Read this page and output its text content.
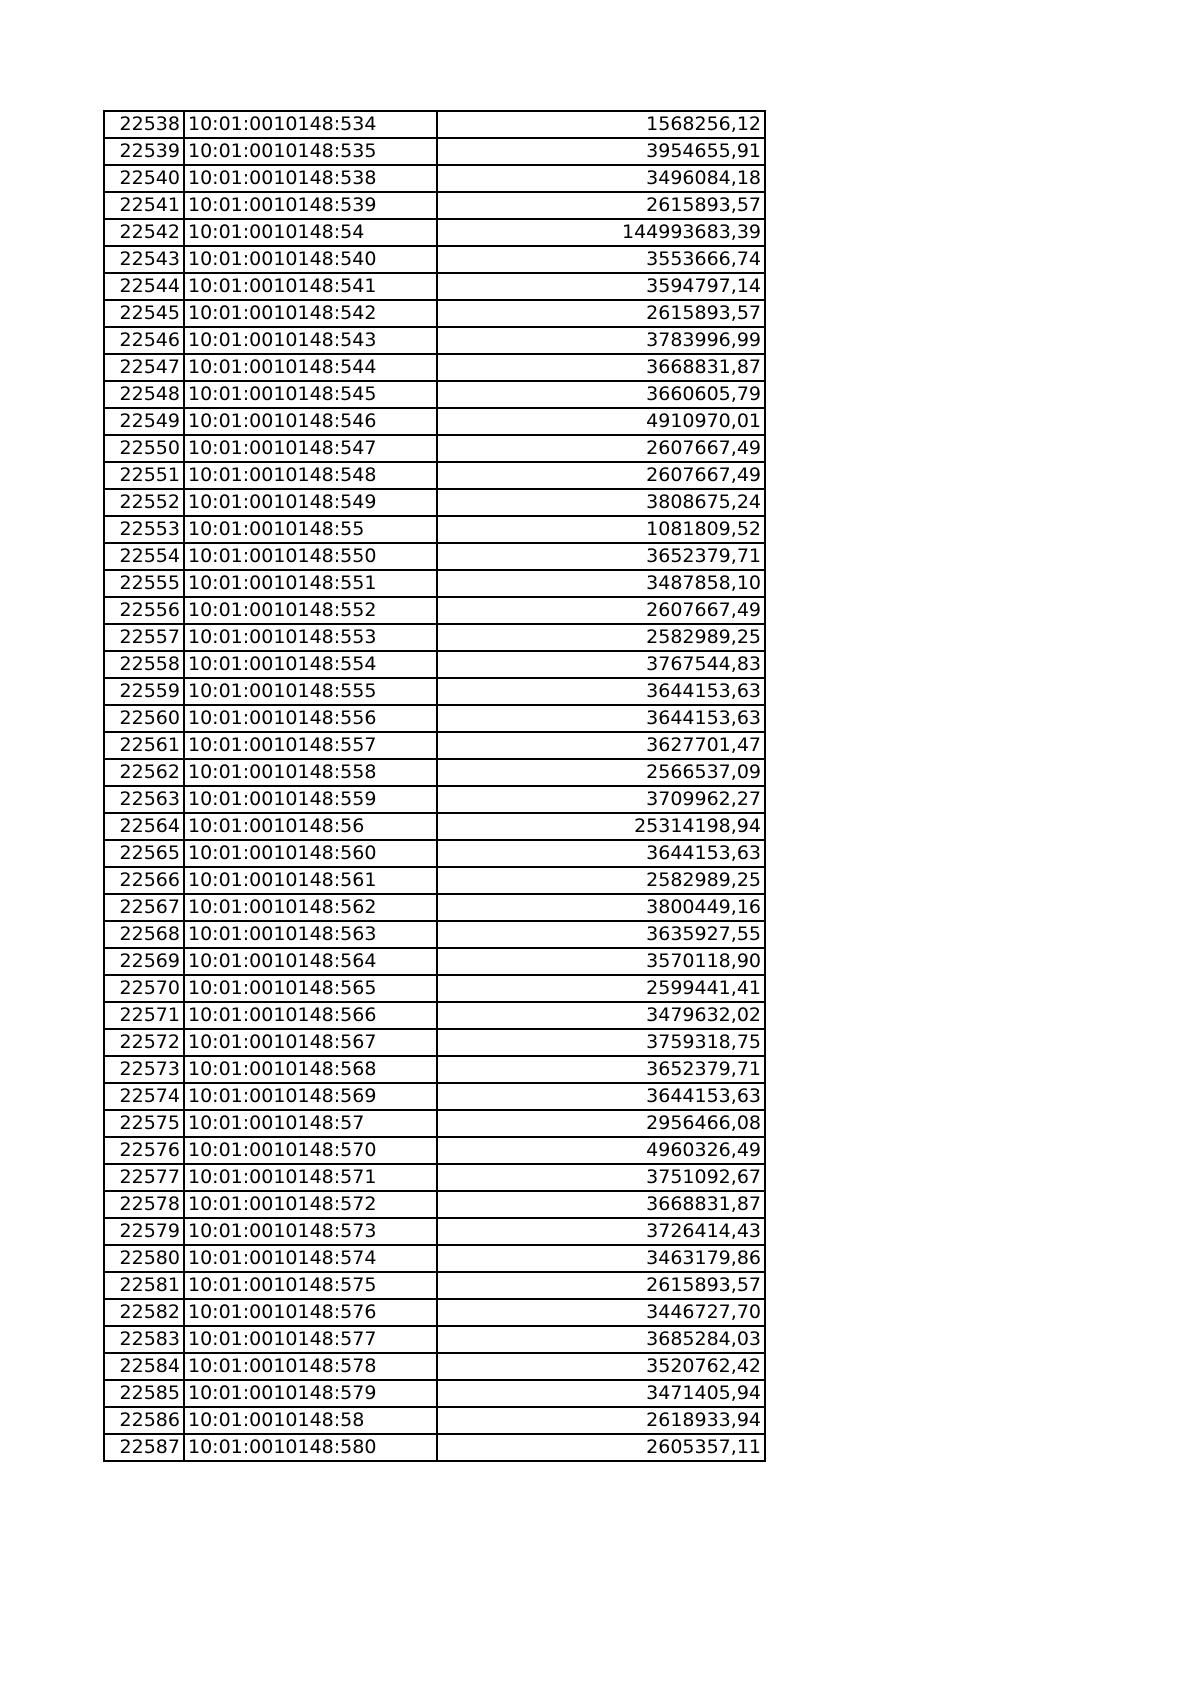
22538	10:01:0010148:534	1568256,12
22539	10:01:0010148:535	3954655,91
22540	10:01:0010148:538	3496084,18
22541	10:01:0010148:539	2615893,57
22542	10:01:0010148:54	144993683,39
22543	10:01:0010148:540	3553666,74
22544	10:01:0010148:541	3594797,14
22545	10:01:0010148:542	2615893,57
22546	10:01:0010148:543	3783996,99
22547	10:01:0010148:544	3668831,87
22548	10:01:0010148:545	3660605,79
22549	10:01:0010148:546	4910970,01
22550	10:01:0010148:547	2607667,49
22551	10:01:0010148:548	2607667,49
22552	10:01:0010148:549	3808675,24
22553	10:01:0010148:55	1081809,52
22554	10:01:0010148:550	3652379,71
22555	10:01:0010148:551	3487858,10
22556	10:01:0010148:552	2607667,49
22557	10:01:0010148:553	2582989,25
22558	10:01:0010148:554	3767544,83
22559	10:01:0010148:555	3644153,63
22560	10:01:0010148:556	3644153,63
22561	10:01:0010148:557	3627701,47
22562	10:01:0010148:558	2566537,09
22563	10:01:0010148:559	3709962,27
22564	10:01:0010148:56	25314198,94
22565	10:01:0010148:560	3644153,63
22566	10:01:0010148:561	2582989,25
22567	10:01:0010148:562	3800449,16
22568	10:01:0010148:563	3635927,55
22569	10:01:0010148:564	3570118,90
22570	10:01:0010148:565	2599441,41
22571	10:01:0010148:566	3479632,02
22572	10:01:0010148:567	3759318,75
22573	10:01:0010148:568	3652379,71
22574	10:01:0010148:569	3644153,63
22575	10:01:0010148:57	2956466,08
22576	10:01:0010148:570	4960326,49
22577	10:01:0010148:571	3751092,67
22578	10:01:0010148:572	3668831,87
22579	10:01:0010148:573	3726414,43
22580	10:01:0010148:574	3463179,86
22581	10:01:0010148:575	2615893,57
22582	10:01:0010148:576	3446727,70
22583	10:01:0010148:577	3685284,03
22584	10:01:0010148:578	3520762,42
22585	10:01:0010148:579	3471405,94
22586	10:01:0010148:58	2618933,94
22587	10:01:0010148:580	2605357,11
